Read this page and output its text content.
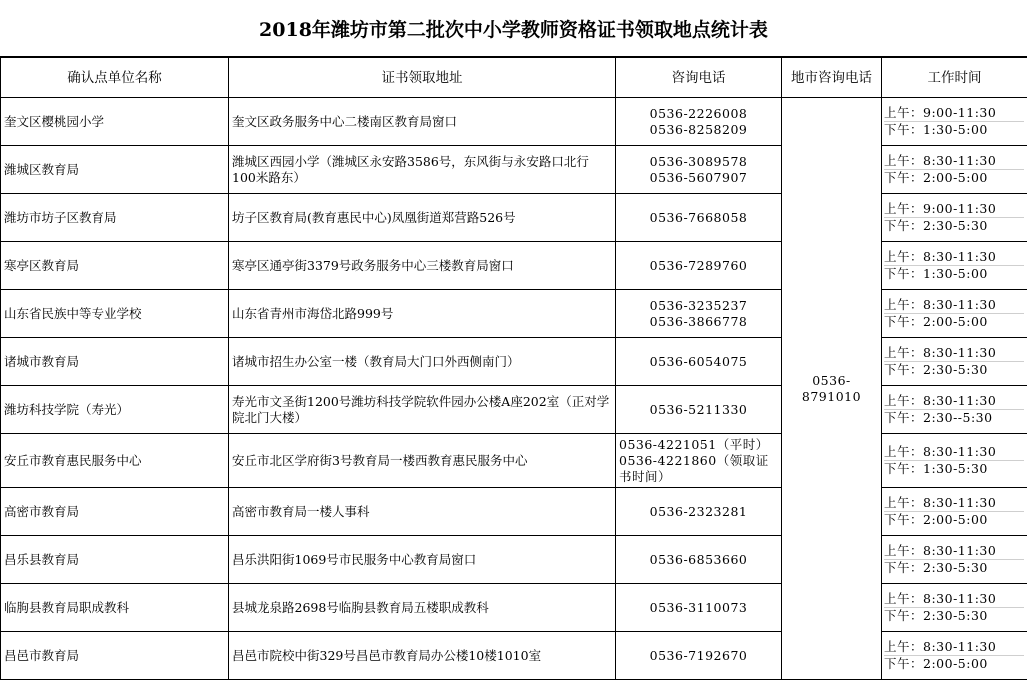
2018年潍坊市第二批次中小学教师资格证书领取地点统计表
确认点单位名称	证书领取地址	咨询电话	地市咨询电话	工作时间
奎文区樱桃园小学	奎文区政务服务中心二楼南区教育局窗口	0536-2226008
0536-8258209	0536-8791010	上午：9:00-11:30
下午：1:30-5:00

潍城区教育局	潍城区西园小学（潍城区永安路3586号，东风街与永安路口北行100米路东）	0536-3089578
0536-5607907		上午：8:30-11:30
下午：2:00-5:00

潍坊市坊子区教育局	坊子区教育局(教育惠民中心)凤凰街道郑营路526号	0536-7668058		上午：9:00-11:30
下午：2:30-5:30

寒亭区教育局	寒亭区通亭街3379号政务服务中心三楼教育局窗口	0536-7289760		上午：8:30-11:30
下午：1:30-5:00

山东省民族中等专业学校	山东省青州市海岱北路999号	0536-3235237
0536-3866778		上午：8:30-11:30
下午：2:00-5:00

诸城市教育局	诸城市招生办公室一楼（教育局大门口外西侧南门）	0536-6054075		上午：8:30-11:30
下午：2:30-5:30

潍坊科技学院（寿光）	寿光市文圣街1200号潍坊科技学院软件园办公楼A座202室（正对学院北门大楼）	0536-5211330		上午：8:30-11:30
下午：2:30--5:30

安丘市教育惠民服务中心	安丘市北区学府街3号教育局一楼西教育惠民服务中心	0536-4221051（平时）
0536-4221860（领取证书时间）		上午：8:30-11:30
下午：1:30-5:30

高密市教育局	高密市教育局一楼人事科	0536-2323281		上午：8:30-11:30
下午：2:00-5:00

昌乐县教育局	昌乐洪阳街1069号市民服务中心教育局窗口	0536-6853660		上午：8:30-11:30
下午：2:30-5:30

临朐县教育局职成教科	县城龙泉路2698号临朐县教育局五楼职成教科	0536-3110073		上午：8:30-11:30
下午：2:30-5:30

昌邑市教育局	昌邑市院校中街329号昌邑市教育局办公楼10楼1010室	0536-7192670		上午：8:30-11:30
下午：2:00-5:00
